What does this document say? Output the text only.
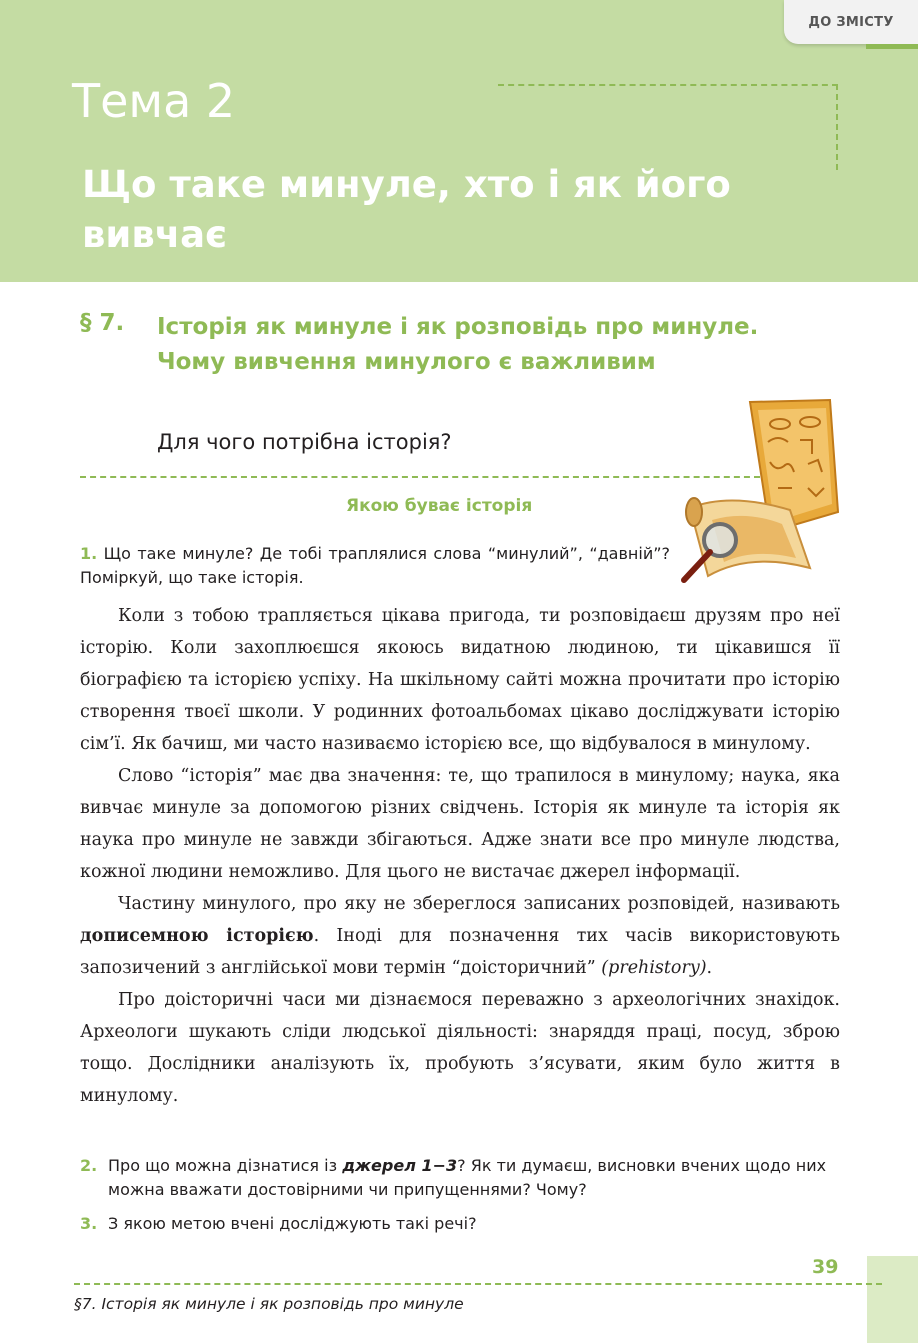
ДО ЗМІСТУ
Тема 2
Що таке минуле, хто і як його вивчає
§ 7. Історія як минуле і як розповідь про минуле. Чому вивчення минулого є важливим
Для чого потрібна історія?
Якою буває історія
1. Що таке минуле? Де тобі траплялися слова “минулий”, “давній”? Поміркуй, що таке історія.

Коли з тобою трапляється цікава пригода, ти розповідаєш друзям про неї історію. Коли захоплюєшся якоюсь видатною людиною, ти цікавишся її біографією та історією успіху. На шкільному сайті можна прочитати про історію створення твоєї школи. У родинних фотоальбомах цікаво досліджувати історію сім’ї. Як бачиш, ми часто називаємо історією все, що відбувалося в минулому.

Слово “історія” має два значення: те, що трапилося в минулому; наука, яка вивчає минуле за допомогою різних свідчень. Історія як минуле та історія як наука про минуле не завжди збігаються. Адже знати все про минуле людства, кожної людини неможливо. Для цього не вистачає джерел інформації.

Частину минулого, про яку не збереглося записаних розповідей, називають дописемною історією. Іноді для позначення тих часів використовують запозичений з англійської мови термін “доісторичний” (prehistory).

Про доісторичні часи ми дізнаємося переважно з археологічних знахідок. Археологи шукають сліди людської діяльності: знаряддя праці, посуд, зброю тощо. Дослідники аналізують їх, пробують з’ясувати, яким було життя в минулому.

2. Про що можна дізнатися із джерел 1−3? Як ти думаєш, висновки вчених щодо них можна вважати достовірними чи припущеннями? Чому?
3. З якою метою вчені досліджують такі речі?
39
§7. Історія як минуле і як розповідь про минуле
